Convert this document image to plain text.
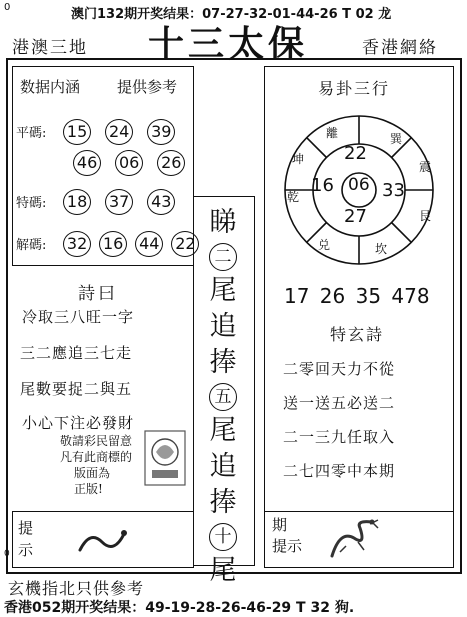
0	澳门132期开奖结果：07-27-32-01-44-26 T 02 龙
港澳三地 十三太保	香港網絡
数据内涵 提供参考
平碼: 15 24 39
46 06 26
特碼: 18 37 43
解碼: 32 16 44 22
詩曰
冷取三八旺一字
三二應追三七走
尾數要捉二與五
小心下注必發財
敬請彩民留意
凡有此商標的
版面為
正版!
睇
二
尾
追
捧
五
尾
追
捧
十
尾
易卦三行
22
16 06 33
27
坤
離	巽
震
艮
坎
乾
兑
17 26 35 478
特玄詩
二零回天力不從
送一送五必送二
二一三九任取入
二七四零中本期
提
示
0
期
提示
玄機指北只供參考
香港052期开奖结果：49-19-28-26-46-29 T 32 狗.
